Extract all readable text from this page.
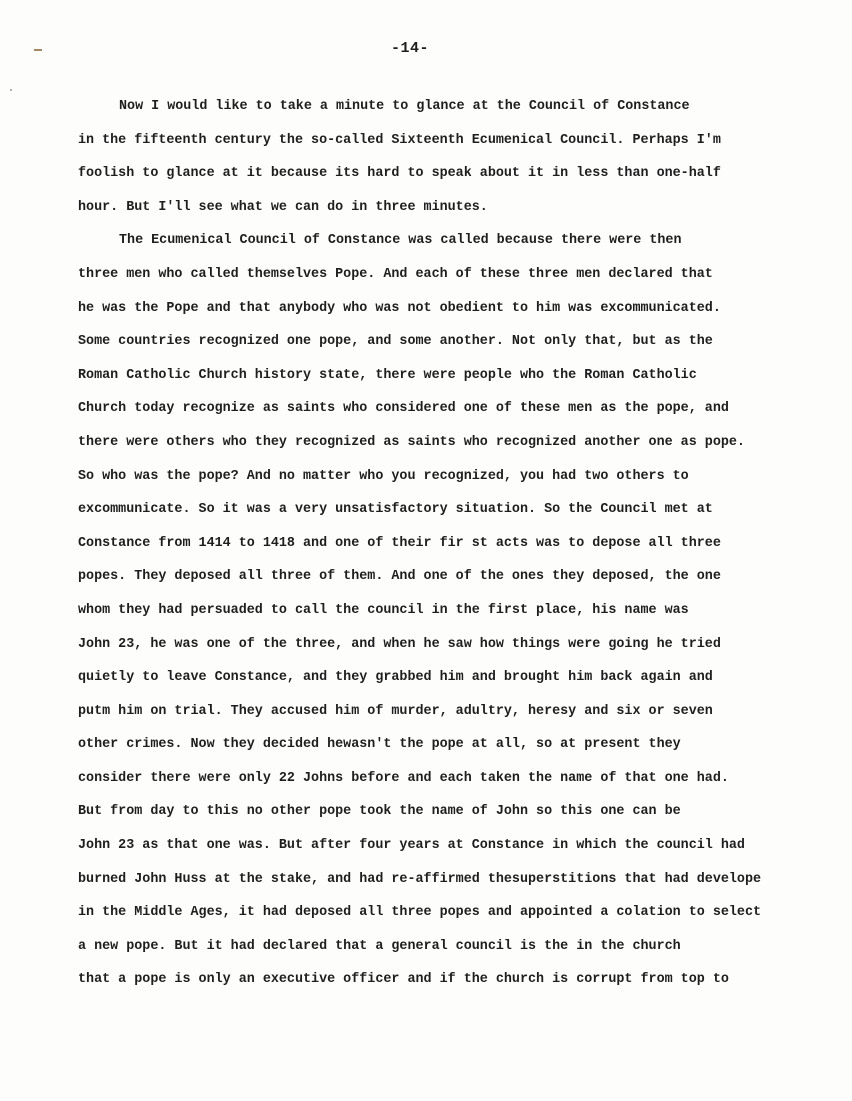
-14-
Now I would like to take a minute to glance at the Council of Constance
in the fifteenth century the so-called Sixteenth Ecumenical Council. Perhaps I'm
foolish to glance at it because its hard to speak about it in less than one-half
hour. But I'll see what we can do in three minutes.
The Ecumenical Council of Constance was called because there were then
three men who called themselves Pope. And each of these three men declared that
he was the Pope and that anybody who was not obedient to him was excommunicated.
Some countries recognized one pope, and some another. Not only that, but as the
Roman Catholic Church history state, there were people who the Roman Catholic
Church today recognize as saints who considered one of these men as the pope, and
there were others who they recognized as saints who recognized another one as pope.
So who was the pope? And no matter who you recognized, you had two others to
excommunicate. So it was a very unsatisfactory situation. So the Council met at
Constance from 1414 to 1418 and one of their fir st acts was to depose all three
popes. They deposed all three of them. And one of the ones they deposed, the one
whom they had persuaded to call the council in the first place, his name was
John 23, he was one of the three, and when he saw how things were going he tried
quietly to leave Constance, and they grabbed him and brought him back again and
putm him on trial. They accused him of murder, adultry, heresy and six or seven
other crimes. Now they decided hewasn't the pope at all, so at present they
consider there were only 22 Johns before and each taken the name of that one had.
But from day to this no other pope took the name of John so this one can be
John 23 as that one was. But after four years at Constance in which the council had
burned John Huss at the stake, and had re-affirmed thesuperstitions that had develope
in the Middle Ages, it had deposed all three popes and appointed a colation to select
a new pope. But it had declared that a general council is the in the church
that a pope is only an executive officer and if the church is corrupt from top to
